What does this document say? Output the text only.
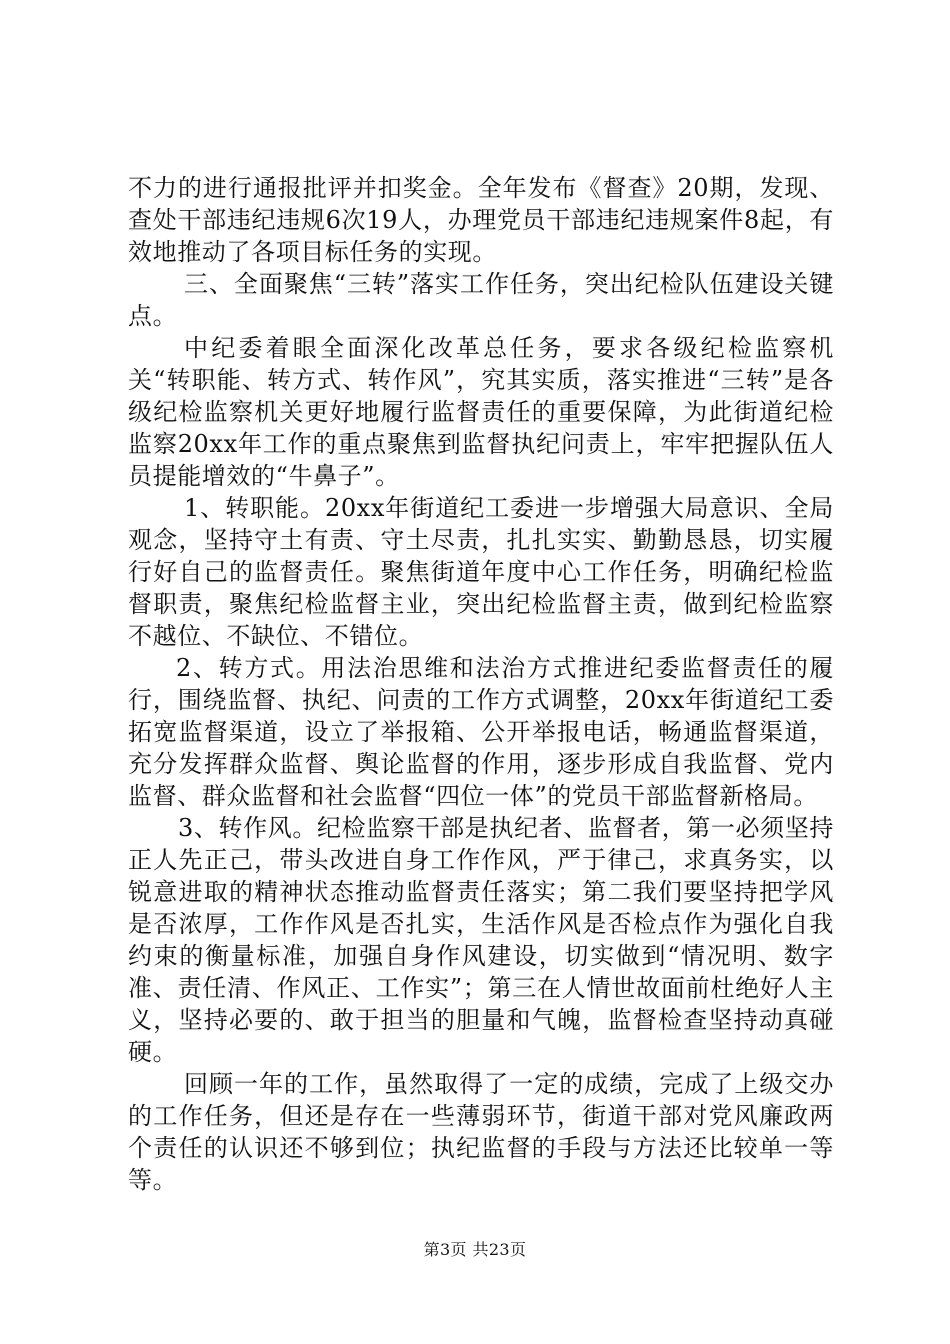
不力的进行通报批评并扣奖金。全年发布《督查》20期，发现、查处干部违纪违规6次19人，办理党员干部违纪违规案件8起，有效地推动了各项目标任务的实现。

三、全面聚焦“三转”落实工作任务，突出纪检队伍建设关键点。

中纪委着眼全面深化改革总任务，要求各级纪检监察机关“转职能、转方式、转作风”，究其实质，落实推进“三转”是各级纪检监察机关更好地履行监督责任的重要保障，为此街道纪检监察20xx年工作的重点聚焦到监督执纪问责上，牢牢把握队伍人员提能增效的“牛鼻子”。

1、转职能。20xx年街道纪工委进一步增强大局意识、全局观念，坚持守土有责、守土尽责，扎扎实实、勤勤恳恳，切实履行好自己的监督责任。聚焦街道年度中心工作任务，明确纪检监督职责，聚焦纪检监督主业，突出纪检监督主责，做到纪检监察不越位、不缺位、不错位。

2、转方式。用法治思维和法治方式推进纪委监督责任的履行，围绕监督、执纪、问责的工作方式调整，20xx年街道纪工委拓宽监督渠道，设立了举报箱、公开举报电话，畅通监督渠道，充分发挥群众监督、舆论监督的作用，逐步形成自我监督、党内监督、群众监督和社会监督“四位一体”的党员干部监督新格局。

3、转作风。纪检监察干部是执纪者、监督者，第一必须坚持正人先正己，带头改进自身工作作风，严于律己，求真务实，以锐意进取的精神状态推动监督责任落实；第二我们要坚持把学风是否浓厚，工作作风是否扎实，生活作风是否检点作为强化自我约束的衡量标准，加强自身作风建设，切实做到“情况明、数字准、责任清、作风正、工作实”；第三在人情世故面前杜绝好人主义，坚持必要的、敢于担当的胆量和气魄，监督检查坚持动真碰硬。

回顾一年的工作，虽然取得了一定的成绩，完成了上级交办的工作任务，但还是存在一些薄弱环节，街道干部对党风廉政两个责任的认识还不够到位；执纪监督的手段与方法还比较单一等等。

第3页 共23页
